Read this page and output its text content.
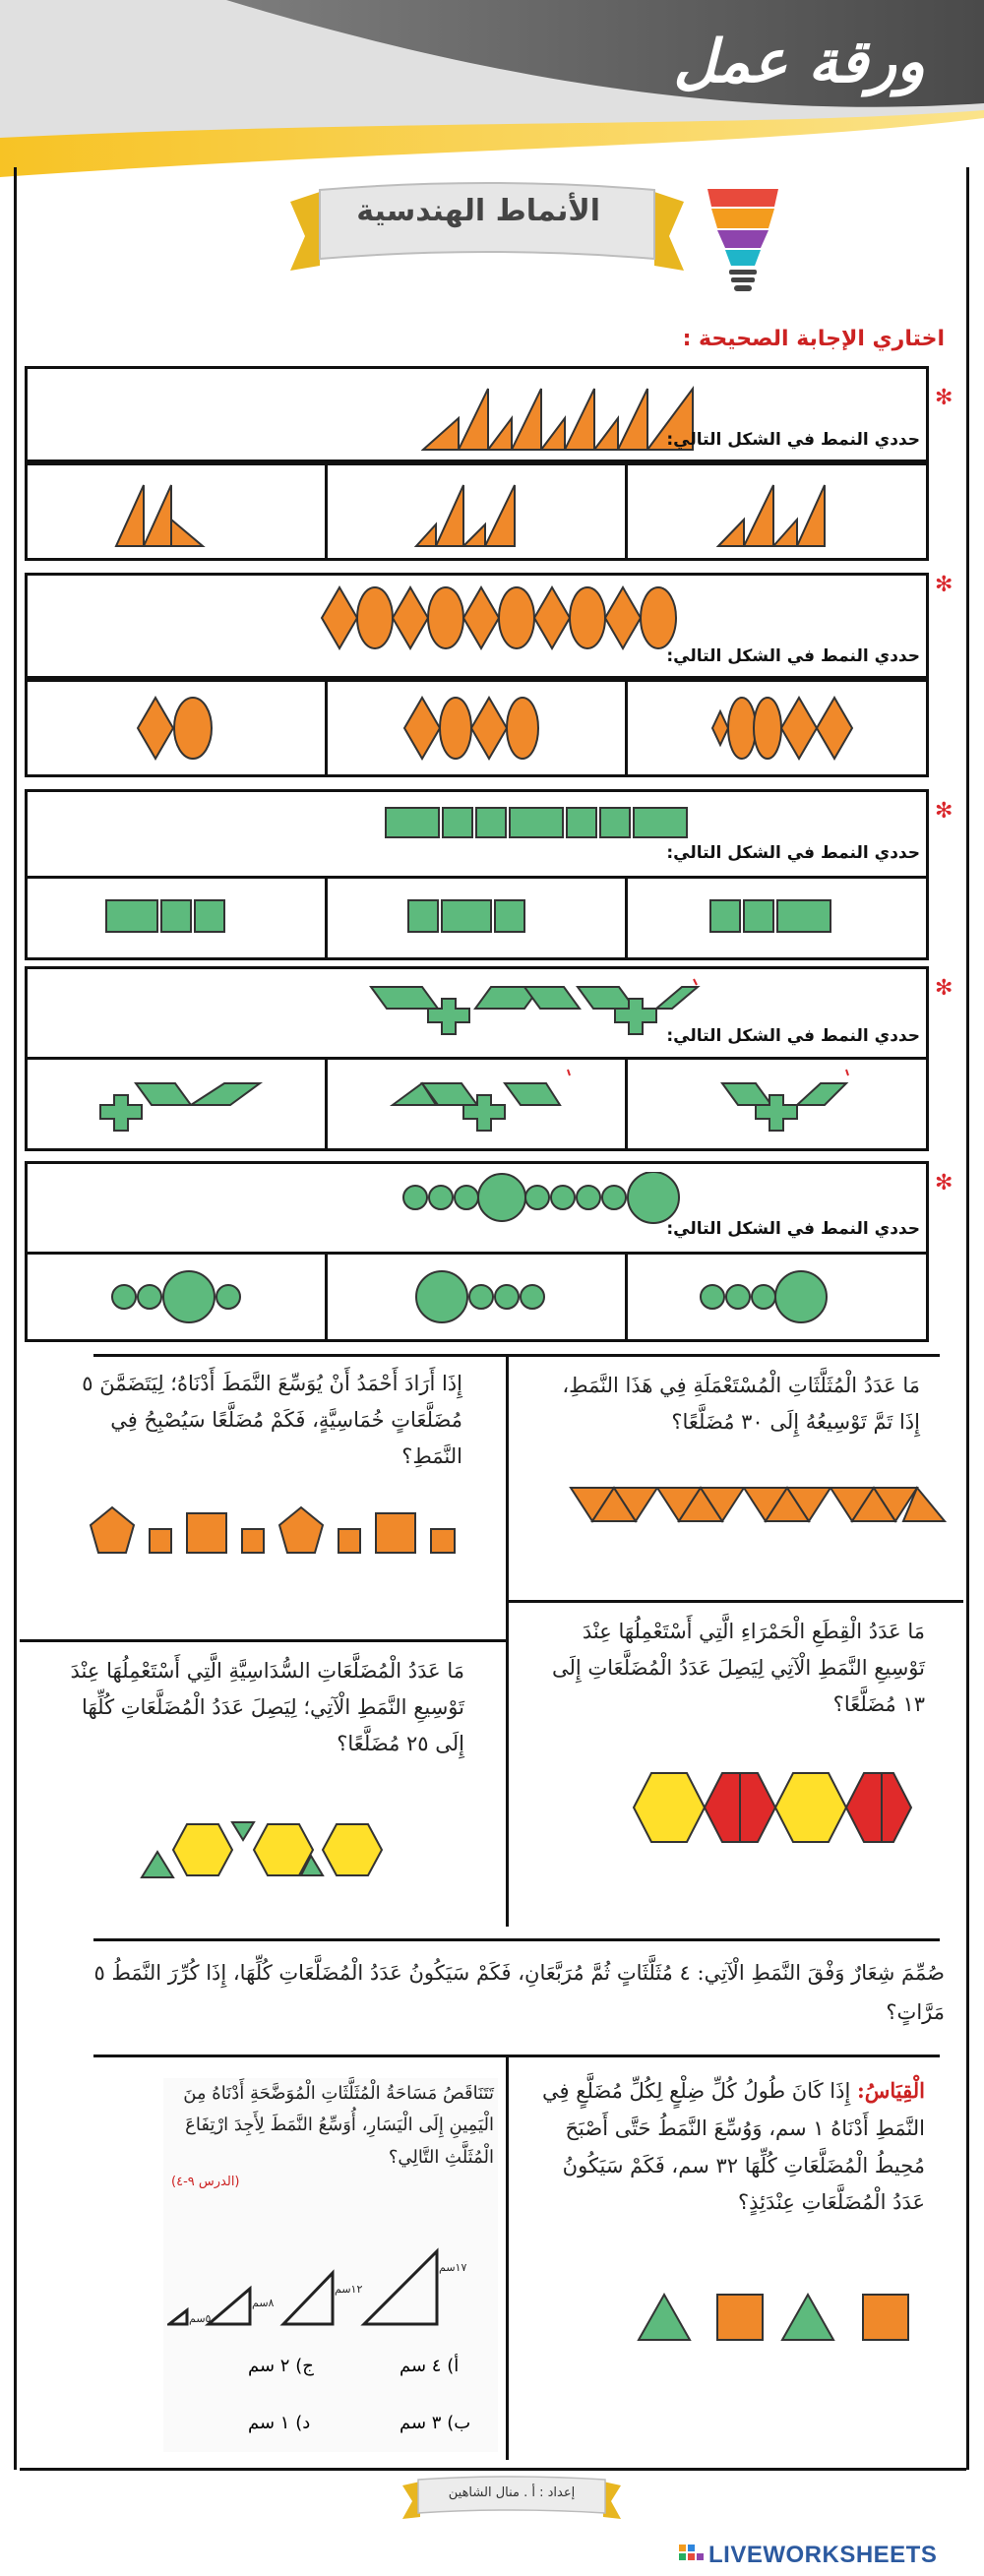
ورقة عمل
الأنماط الهندسية
اختاري الإجابة الصحيحة :
حددي النمط في الشكل التالي:
✻
حددي النمط في الشكل التالي:
✻
حددي النمط في الشكل التالي:
✻
حددي النمط في الشكل التالي:
✻
حددي النمط في الشكل التالي:
✻
مَا عَدَدُ الْمُثَلَّثَاتِ الْمُسْتَعْمَلَةِ فِي هَذَا النَّمَطِ، إِذَا تَمَّ تَوْسِيعُهُ إِلَى ٣٠ مُضَلَّعًا؟
إِذَا أَرَادَ أَحْمَدُ أَنْ يُوَسِّعَ النَّمَطَ أَدْنَاهُ؛ لِيَتَضَمَّنَ ٥ مُضَلَّعَاتٍ خُمَاسِيَّةٍ، فَكَمْ مُضَلَّعًا سَيُصْبِحُ فِي النَّمَطِ؟
مَا عَدَدُ الْقِطَعِ الْحَمْرَاءِ الَّتِي أَسْتَعْمِلُهَا عِنْدَ تَوْسِيعِ النَّمَطِ الْآتِي لِيَصِلَ عَدَدُ الْمُضَلَّعَاتِ إِلَى ١٣ مُضَلَّعًا؟
مَا عَدَدُ الْمُضَلَّعَاتِ السُّدَاسِيَّةِ الَّتِي أَسْتَعْمِلُهَا عِنْدَ تَوْسِيعِ النَّمَطِ الْآتِي؛ لِيَصِلَ عَدَدُ الْمُضَلَّعَاتِ كُلِّهَا إِلَى ٢٥ مُضَلَّعًا؟
صُمِّمَ شِعَارٌ وَفْقَ النَّمَطِ الْآتِي: ٤ مُثَلَّثَاتٍ ثُمَّ مُرَبَّعَانِ، فَكَمْ سَيَكُونُ عَدَدُ الْمُضَلَّعَاتِ كُلِّهَا، إِذَا كُرِّرَ النَّمَطُ ٥ مَرَّاتٍ؟
الْقِيَاسُ: إِذَا كَانَ طُولُ كُلِّ ضِلْعٍ لِكُلِّ مُضَلَّعٍ فِي النَّمَطِ أَدْنَاهُ ١ سم، وَوُسِّعَ النَّمَطُ حَتَّى أَصْبَحَ مُحِيطُ الْمُضَلَّعَاتِ كُلِّهَا ٣٢ سم، فَكَمْ سَيَكُونُ عَدَدُ الْمُضَلَّعَاتِ عِنْدَئِذٍ؟
تَتَنَاقَصُ مَسَاحَةُ الْمُثَلَّثَاتِ الْمُوَضَّحَةِ أَدْنَاهُ مِنَ الْيَمِينِ إِلَى الْيَسَارِ، أُوَسِّعُ النَّمَطَ لِأَجِدَ ارْتِفَاعَ الْمُثَلَّثِ التَّالِي؟
(الدرس ٩-٤)
١٧سم
١٢سم
٨سم
٥سم
أ) ٤ سم
ج) ٢ سم
ب) ٣ سم
د) ١ سم
إعداد : أ . منال الشاهين
LIVEWORKSHEETS
